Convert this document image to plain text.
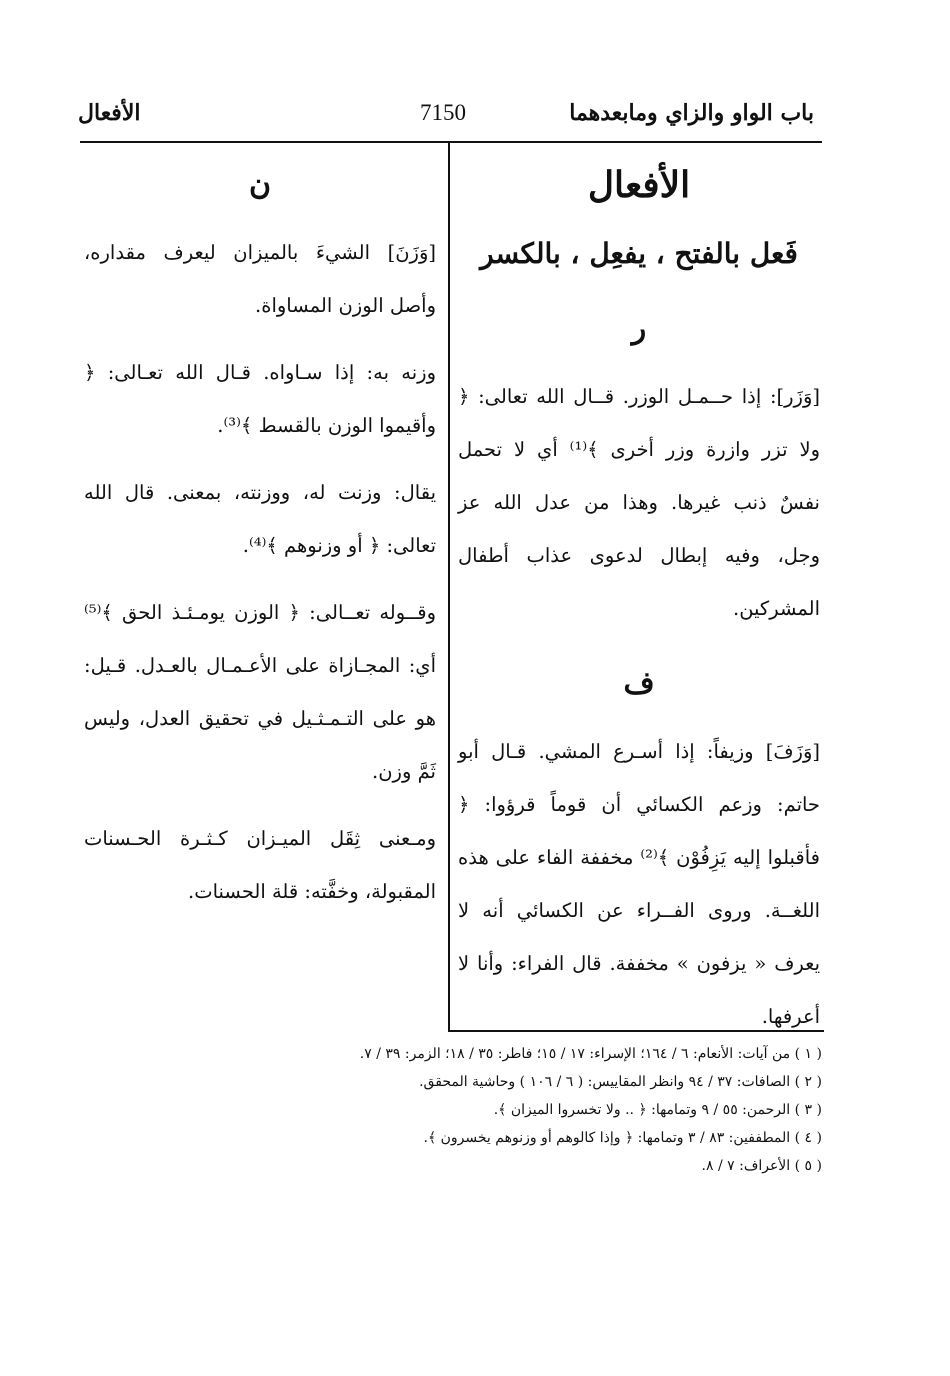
باب الواو والزاي ومابعدهما
7150
الأفعال

الأفعال

فَعل بالفتح ، يفعِل ، بالكسر

ر

[وَزَر]: إذا حــمـل الوزر. قــال الله تعالى: ﴿ ولا تزر وازرة وزر أخرى ﴾⁽¹⁾ أي لا تحمل نفسٌ ذنب غيرها. وهذا من عدل الله عز وجل، وفيه إبطال لدعوى عذاب أطفال المشركين.

ف

[وَزَفَ] وزيفاً: إذا أسـرع المشي. قـال أبو حاتم: وزعم الكسائي أن قوماً قرؤوا: ﴿ فأقبلوا إليه يَزِفُوْن ﴾⁽²⁾ مخففة الفاء على هذه اللغــة. وروى الفــراء عن الكسائي أنه لا يعرف « يزفون » مخففة. قال الفراء: وأنا لا أعرفها.

ن

[وَزَنَ] الشيءَ بالميزان ليعرف مقداره، وأصل الوزن المساواة.

وزنه به: إذا سـاواه. قـال الله تعـالى: ﴿ وأقيموا الوزن بالقسط ﴾⁽³⁾.

يقال: وزنت له، ووزنته، بمعنى. قال الله تعالى: ﴿ أو وزنوهم ﴾⁽⁴⁾.

وقــوله تعــالى: ﴿ الوزن يومـئـذ الحق ﴾⁽⁵⁾ أي: المجـازاة على الأعـمـال بالعـدل. قـيل: هو على التـمـثـيل في تحقيق العدل، وليس ثَمَّ وزن.

ومـعنى ثِقَل الميـزان كـثـرة الحـسنات المقبولة، وخفَّته: قلة الحسنات.

( ١ ) من آيات: الأنعام: ٦ / ١٦٤؛ الإسراء: ١٧ / ١٥؛ فاطر: ٣٥ / ١٨؛ الزمر: ٣٩ / ٧.

( ٢ ) الصافات: ٣٧ / ٩٤ وانظر المقاييس: ( ٦ / ١٠٦ ) وحاشية المحقق.

( ٣ ) الرحمن: ٥٥ / ٩ وتمامها: ﴿ .. ولا تخسروا الميزان ﴾.

( ٤ ) المطففين: ٨٣ / ٣ وتمامها: ﴿ وإذا كالوهم أو وزنوهم يخسرون ﴾.

( ٥ ) الأعراف: ٧ / ٨.
